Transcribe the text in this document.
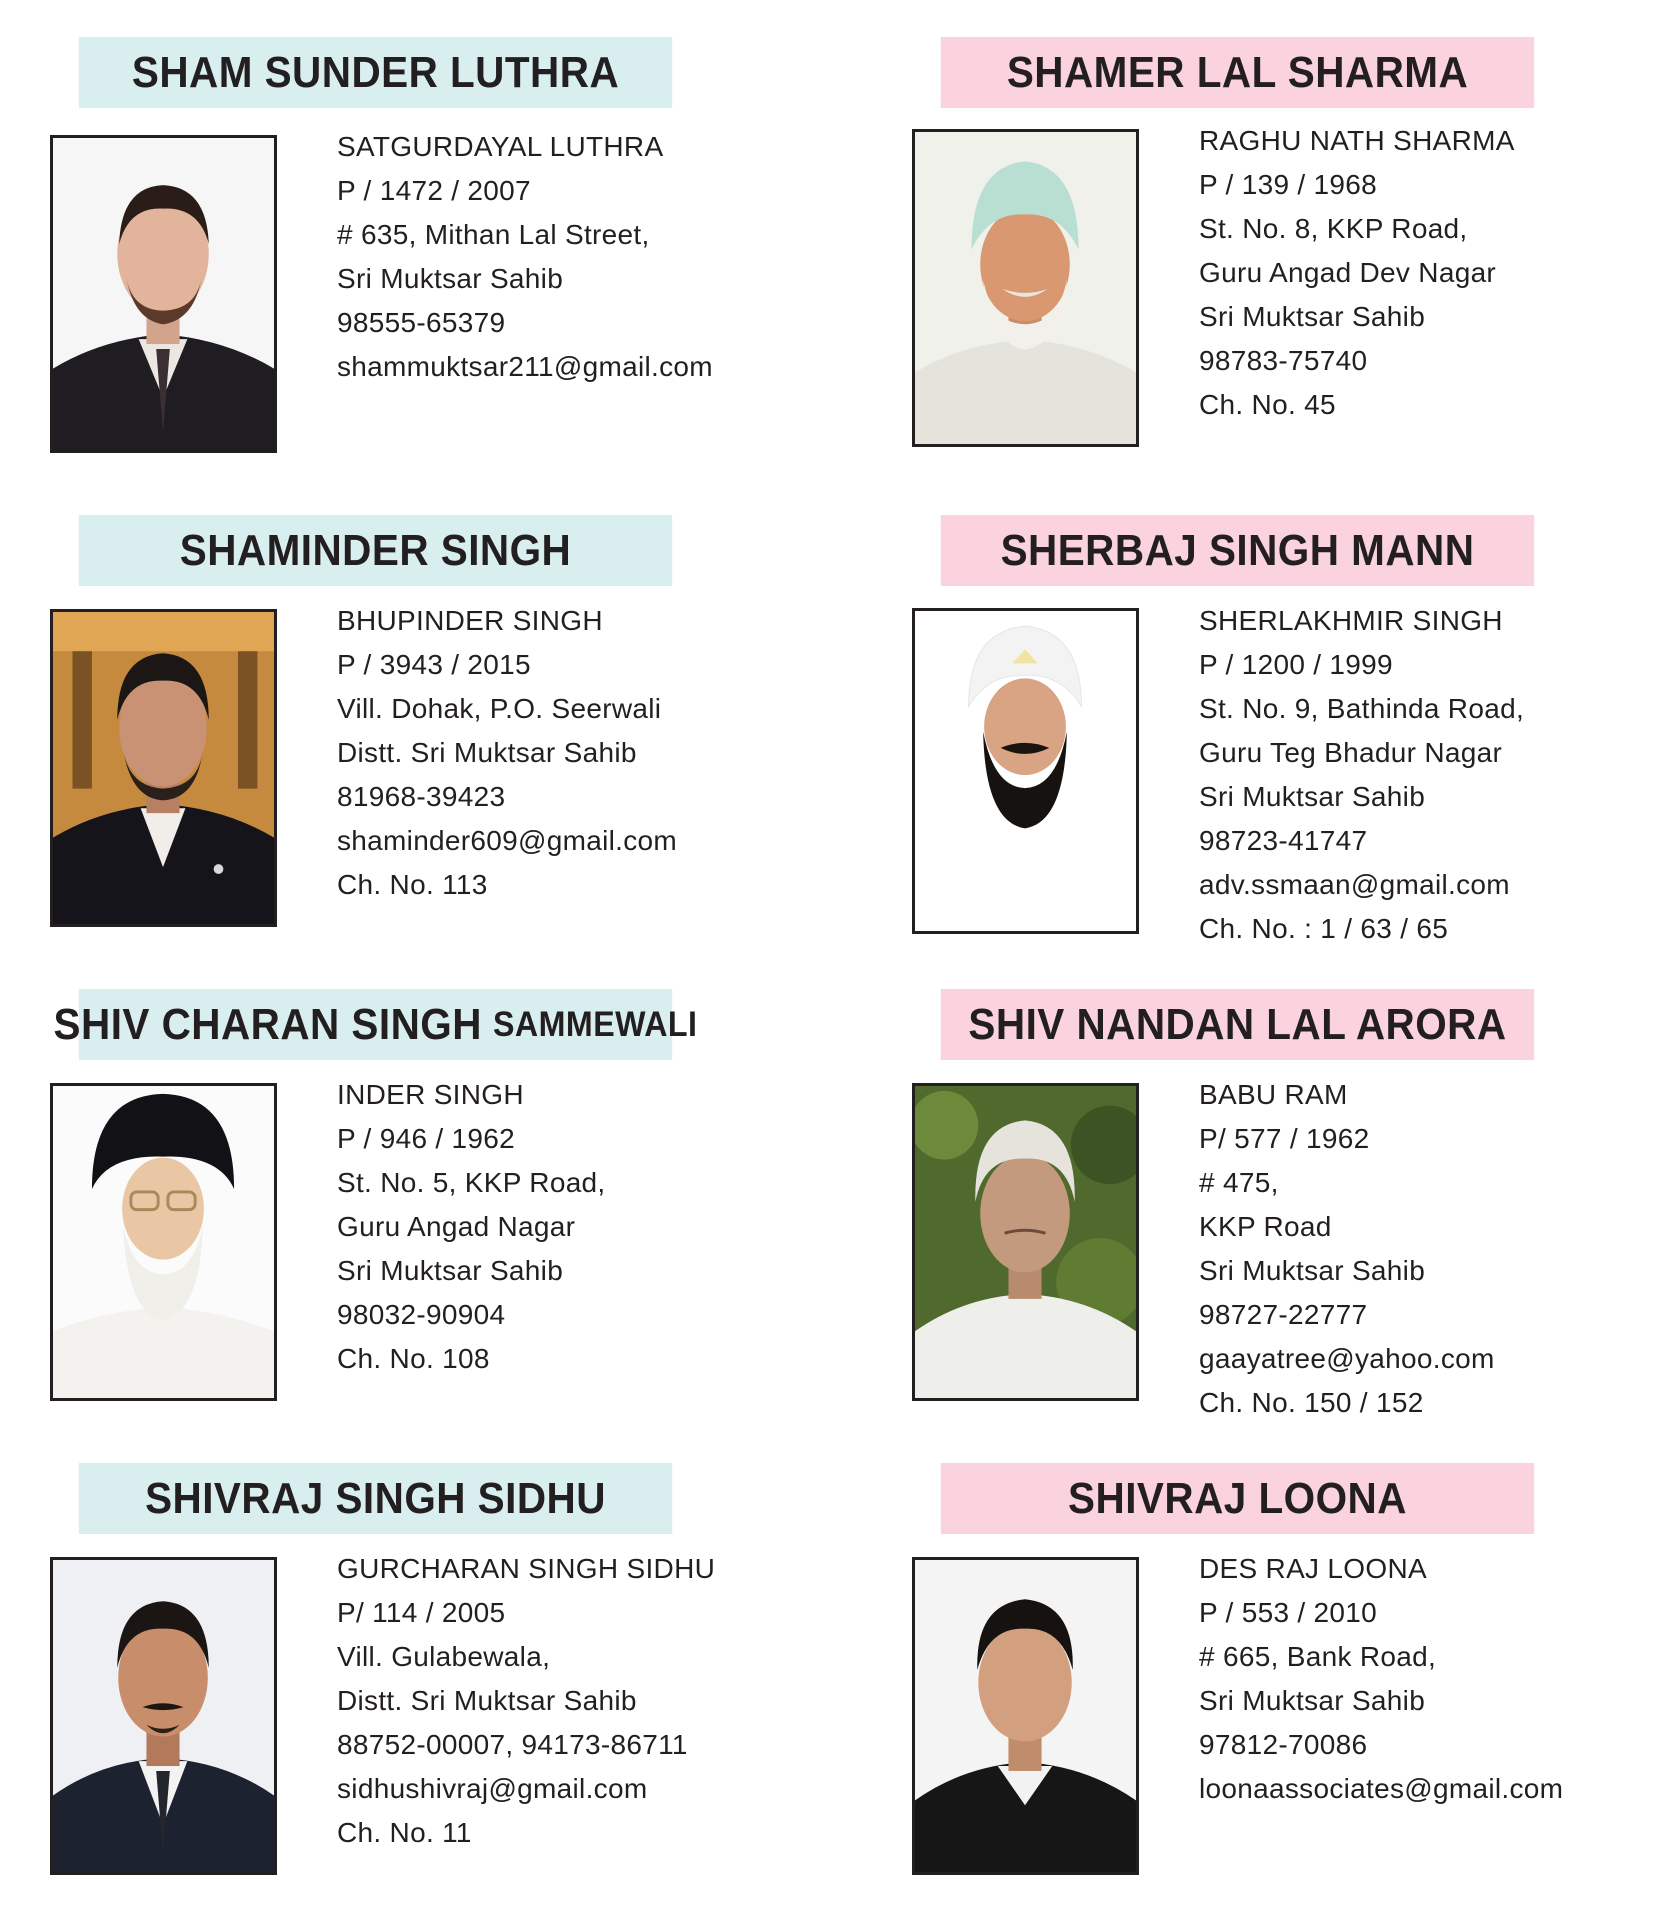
SHAM SUNDER LUTHRA
SATGURDAYAL LUTHRA
P / 1472 / 2007
# 635, Mithan Lal Street,
Sri Muktsar Sahib
98555-65379
shammuktsar211@gmail.com
SHAMER LAL SHARMA
RAGHU NATH SHARMA
P / 139 / 1968
St. No. 8, KKP Road,
Guru Angad Dev Nagar
Sri Muktsar Sahib
98783-75740
Ch. No. 45
SHAMINDER SINGH
BHUPINDER SINGH
P / 3943 / 2015
Vill. Dohak, P.O. Seerwali
Distt. Sri Muktsar Sahib
81968-39423
shaminder609@gmail.com
Ch. No. 113
SHERBAJ SINGH MANN
SHERLAKHMIR SINGH
P / 1200 / 1999
St. No. 9, Bathinda Road,
Guru Teg Bhadur Nagar
Sri Muktsar Sahib
98723-41747
adv.ssmaan@gmail.com
Ch. No. : 1 / 63 / 65
SHIV CHARAN SINGH SAMMEWALI
INDER SINGH
P / 946 / 1962
St. No. 5, KKP Road,
Guru Angad Nagar
Sri Muktsar Sahib
98032-90904
Ch. No. 108
SHIV NANDAN LAL ARORA
BABU RAM
P/ 577 / 1962
# 475,
KKP Road
Sri Muktsar Sahib
98727-22777
gaayatree@yahoo.com
Ch. No. 150 / 152
SHIVRAJ SINGH SIDHU
GURCHARAN SINGH SIDHU
P/ 114 / 2005
Vill. Gulabewala,
Distt. Sri Muktsar Sahib
88752-00007, 94173-86711
sidhushivraj@gmail.com
Ch. No. 11
SHIVRAJ LOONA
DES RAJ LOONA
P / 553 / 2010
# 665, Bank Road,
Sri Muktsar Sahib
97812-70086
loonaassociates@gmail.com
